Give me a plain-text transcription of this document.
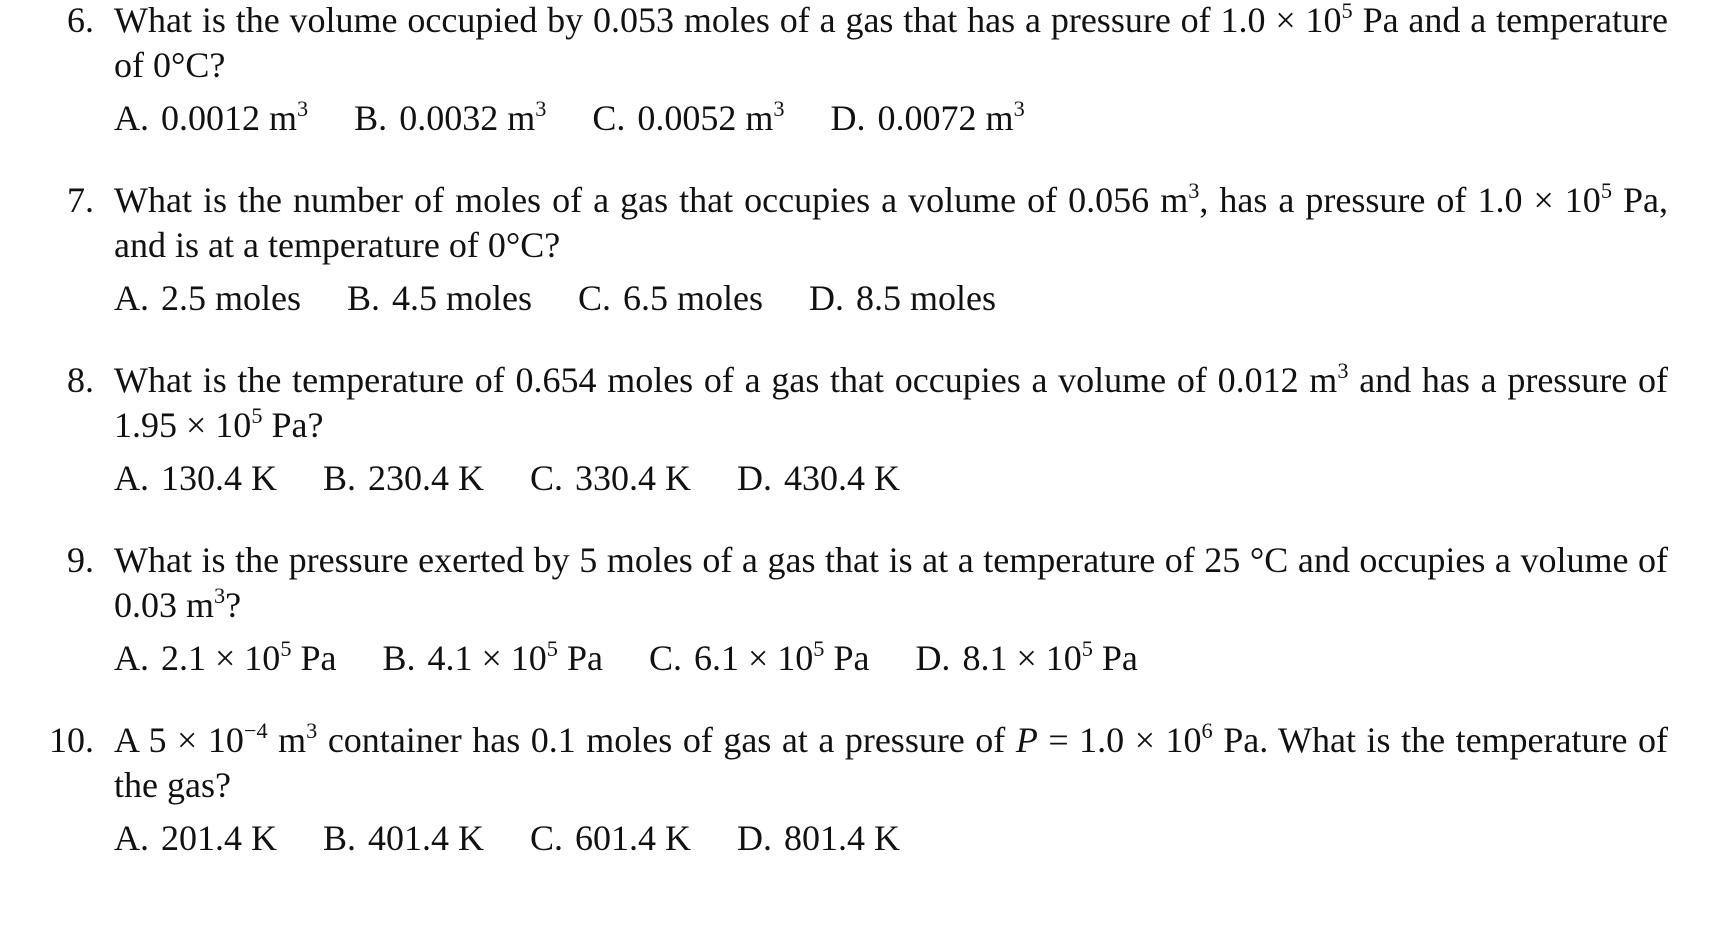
6. What is the volume occupied by 0.053 moles of a gas that has a pressure of $1.0 \times 10^5$ Pa and a temperature of 0°C?
A. 0.0012 $m^3$ B. 0.0032 $m^3$ C. 0.0052 $m^3$ D. 0.0072 $m^3$
7. What is the number of moles of a gas that occupies a volume of 0.056 $m^3$, has a pressure of $1.0 \times 10^5$ Pa, and is at a temperature of 0°C?
A. 2.5 moles B. 4.5 moles C. 6.5 moles D. 8.5 moles
8. What is the temperature of 0.654 moles of a gas that occupies a volume of 0.012 $m^3$ and has a pressure of $1.95 \times 10^5$ Pa?
A. 130.4 K B. 230.4 K C. 330.4 K D. 430.4 K
9. What is the pressure exerted by 5 moles of a gas that is at a temperature of 25 °C and occupies a volume of 0.03 $m^3$?
A. $2.1 \times 10^5$ Pa B. $4.1 \times 10^5$ Pa C. $6.1 \times 10^5$ Pa D. $8.1 \times 10^5$ Pa
10. A $5 \times 10^{-4}$ $m^3$ container has 0.1 moles of gas at a pressure of $P = 1.0 \times 10^6$ Pa. What is the temperature of the gas?
A. 201.4 K B. 401.4 K C. 601.4 K D. 801.4 K
